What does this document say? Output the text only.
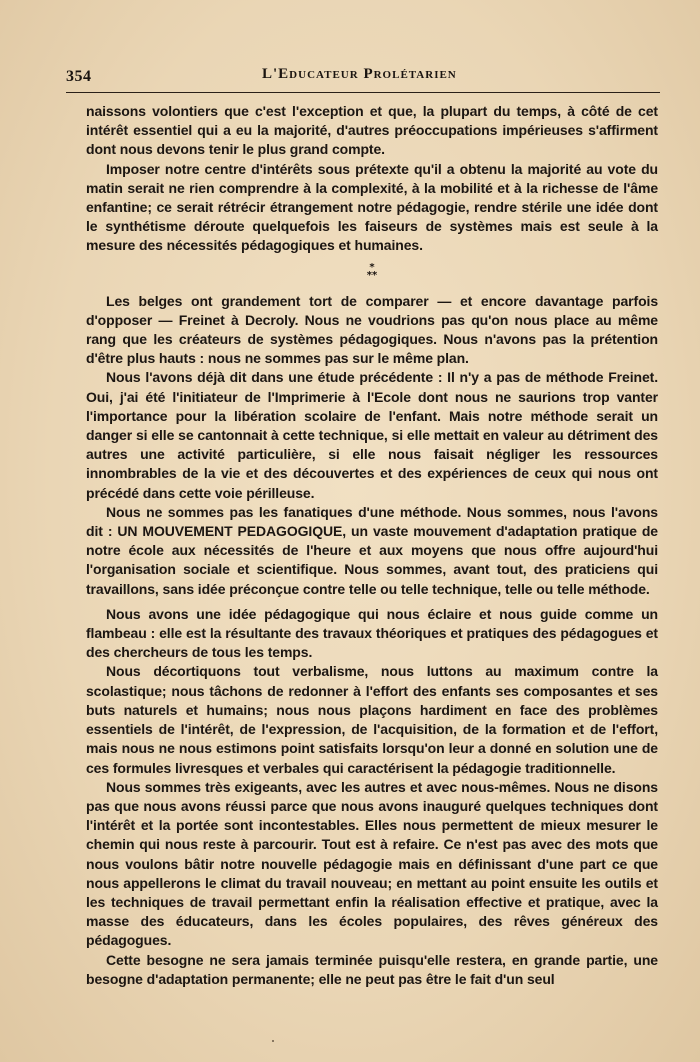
354	L'Educateur Prolétarien

naissons volontiers que c'est l'exception et que, la plupart du temps, à côté de cet intérêt essentiel qui a eu la majorité, d'autres préoccupations impérieuses s'affirment dont nous devons tenir le plus grand compte.

Imposer notre centre d'intérêts sous prétexte qu'il a obtenu la majorité au vote du matin serait ne rien comprendre à la complexité, à la mobilité et à la richesse de l'âme enfantine; ce serait rétrécir étrangement notre pédagogie, rendre stérile une idée dont le synthétisme déroute quelquefois les faiseurs de systèmes mais est seule à la mesure des nécessités pédagogiques et humaines.

*
**

Les belges ont grandement tort de comparer — et encore davantage parfois d'opposer — Freinet à Decroly. Nous ne voudrions pas qu'on nous place au même rang que les créateurs de systèmes pédagogiques. Nous n'avons pas la prétention d'être plus hauts : nous ne sommes pas sur le même plan.

Nous l'avons déjà dit dans une étude précédente : Il n'y a pas de méthode Freinet. Oui, j'ai été l'initiateur de l'Imprimerie à l'Ecole dont nous ne saurions trop vanter l'importance pour la libération scolaire de l'enfant. Mais notre méthode serait un danger si elle se cantonnait à cette technique, si elle mettait en valeur au détriment des autres une activité particulière, si elle nous faisait négliger les ressources innombrables de la vie et des découvertes et des expériences de ceux qui nous ont précédé dans cette voie périlleuse.

Nous ne sommes pas les fanatiques d'une méthode. Nous sommes, nous l'avons dit : UN MOUVEMENT PEDAGOGIQUE, un vaste mouvement d'adaptation pratique de notre école aux nécessités de l'heure et aux moyens que nous offre aujourd'hui l'organisation sociale et scientifique. Nous sommes, avant tout, des praticiens qui travaillons, sans idée préconçue contre telle ou telle technique, telle ou telle méthode.

Nous avons une idée pédagogique qui nous éclaire et nous guide comme un flambeau : elle est la résultante des travaux théoriques et pratiques des pédagogues et des chercheurs de tous les temps.

Nous décortiquons tout verbalisme, nous luttons au maximum contre la scolastique; nous tâchons de redonner à l'effort des enfants ses composantes et ses buts naturels et humains; nous nous plaçons hardiment en face des problèmes essentiels de l'intérêt, de l'expression, de l'acquisition, de la formation et de l'effort, mais nous ne nous estimons point satisfaits lorsqu'on leur a donné en solution une de ces formules livresques et verbales qui caractérisent la pédagogie traditionnelle.

Nous sommes très exigeants, avec les autres et avec nous-mêmes. Nous ne disons pas que nous avons réussi parce que nous avons inauguré quelques techniques dont l'intérêt et la portée sont incontestables. Elles nous permettent de mieux mesurer le chemin qui nous reste à parcourir. Tout est à refaire. Ce n'est pas avec des mots que nous voulons bâtir notre nouvelle pédagogie mais en définissant d'une part ce que nous appellerons le climat du travail nouveau; en mettant au point ensuite les outils et les techniques de travail permettant enfin la réalisation effective et pratique, avec la masse des éducateurs, dans les écoles populaires, des rêves généreux des pédagogues.

Cette besogne ne sera jamais terminée puisqu'elle restera, en grande partie, une besogne d'adaptation permanente; elle ne peut pas être le fait d'un seul
